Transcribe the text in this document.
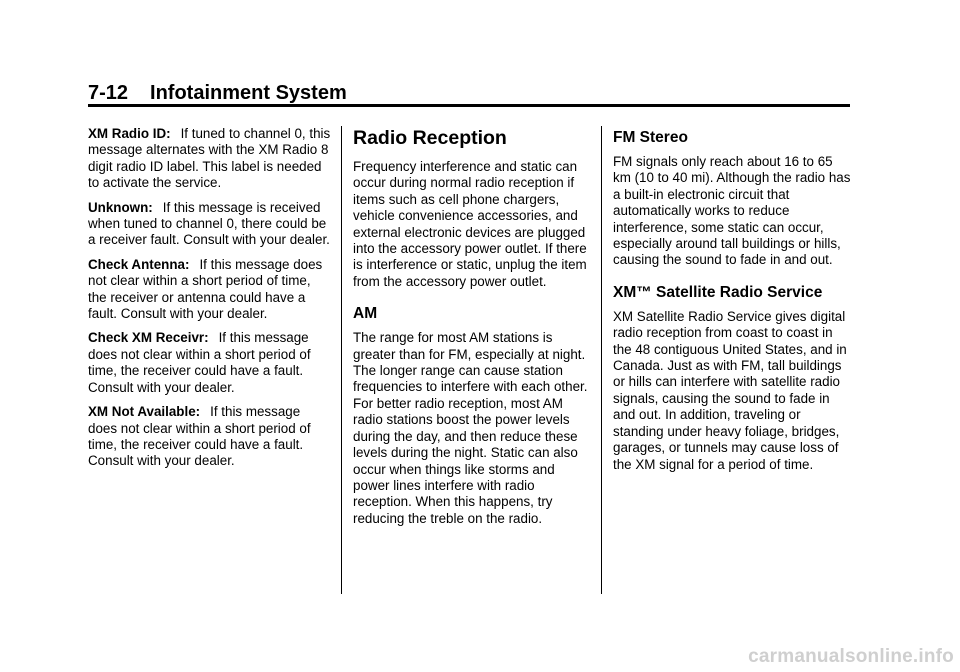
7-12 Infotainment System

XM Radio ID: If tuned to channel 0, this message alternates with the XM Radio 8 digit radio ID label. This label is needed to activate the service.

Unknown: If this message is received when tuned to channel 0, there could be a receiver fault. Consult with your dealer.

Check Antenna: If this message does not clear within a short period of time, the receiver or antenna could have a fault. Consult with your dealer.

Check XM Receivr: If this message does not clear within a short period of time, the receiver could have a fault. Consult with your dealer.

XM Not Available: If this message does not clear within a short period of time, the receiver could have a fault. Consult with your dealer.

Radio Reception

Frequency interference and static can occur during normal radio reception if items such as cell phone chargers, vehicle convenience accessories, and external electronic devices are plugged into the accessory power outlet. If there is interference or static, unplug the item from the accessory power outlet.

AM

The range for most AM stations is greater than for FM, especially at night. The longer range can cause station frequencies to interfere with each other. For better radio reception, most AM radio stations boost the power levels during the day, and then reduce these levels during the night. Static can also occur when things like storms and power lines interfere with radio reception. When this happens, try reducing the treble on the radio.

FM Stereo

FM signals only reach about 16 to 65 km (10 to 40 mi). Although the radio has a built-in electronic circuit that automatically works to reduce interference, some static can occur, especially around tall buildings or hills, causing the sound to fade in and out.

XM™ Satellite Radio Service

XM Satellite Radio Service gives digital radio reception from coast to coast in the 48 contiguous United States, and in Canada. Just as with FM, tall buildings or hills can interfere with satellite radio signals, causing the sound to fade in and out. In addition, traveling or standing under heavy foliage, bridges, garages, or tunnels may cause loss of the XM signal for a period of time.

carmanualsonline.info
